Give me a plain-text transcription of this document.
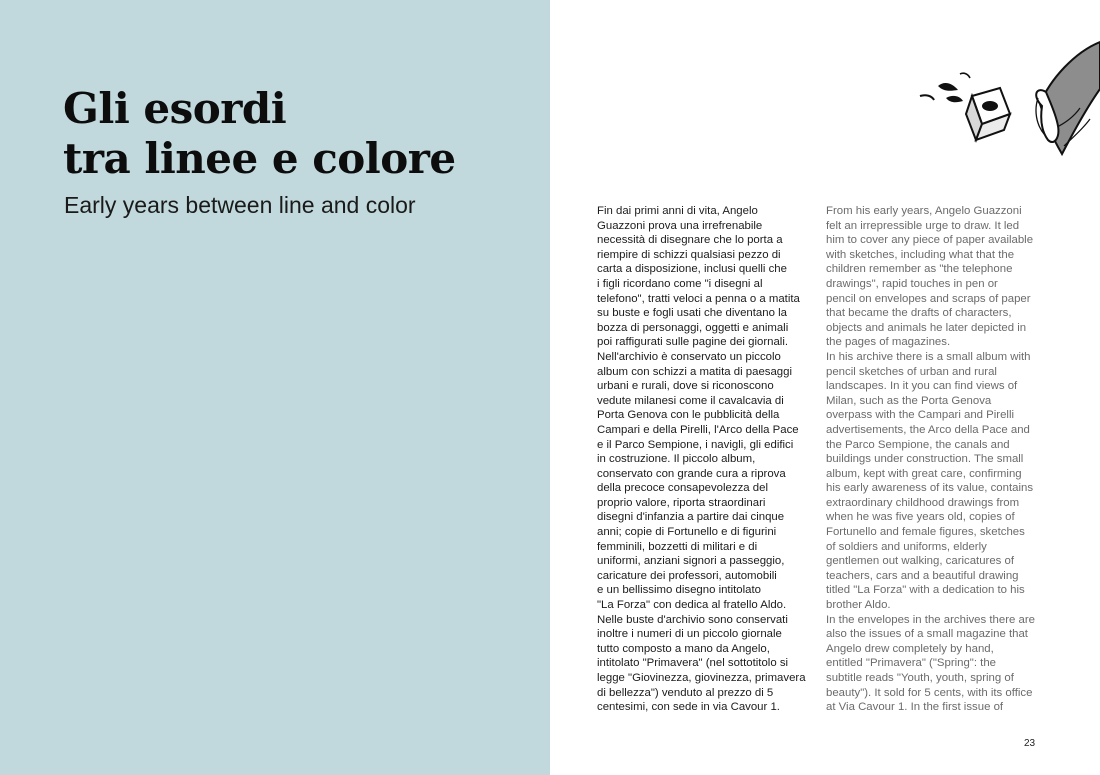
Gli esordi
tra linee e colore
Early years between line and color	Fin dai primi anni di vita, Angelo
Guazzoni prova una irrefrenabile
necessità di disegnare che lo porta a
riempire di schizzi qualsiasi pezzo di
carta a disposizione, inclusi quelli che
i figli ricordano come "i disegni al
telefono", tratti veloci a penna o a matita
su buste e fogli usati che diventano la
bozza di personaggi, oggetti e animali
poi raffigurati sulle pagine dei giornali.
Nell'archivio è conservato un piccolo
album con schizzi a matita di paesaggi
urbani e rurali, dove si riconoscono
vedute milanesi come il cavalcavia di
Porta Genova con le pubblicità della
Campari e della Pirelli, l'Arco della Pace
e il Parco Sempione, i navigli, gli edifici
in costruzione. Il piccolo album,
conservato con grande cura a riprova
della precoce consapevolezza del
proprio valore, riporta straordinari
disegni d'infanzia a partire dai cinque
anni; copie di Fortunello e di figurini
femminili, bozzetti di militari e di
uniformi, anziani signori a passeggio,
caricature dei professori, automobili
e un bellissimo disegno intitolato
"La Forza" con dedica al fratello Aldo.
Nelle buste d'archivio sono conservati
inoltre i numeri di un piccolo giornale
tutto composto a mano da Angelo,
intitolato "Primavera" (nel sottotitolo si
legge "Giovinezza, giovinezza, primavera
di bellezza") venduto al prezzo di 5
centesimi, con sede in via Cavour 1.
From his early years, Angelo Guazzoni
felt an irrepressible urge to draw. It led
him to cover any piece of paper available
with sketches, including what that the
children remember as "the telephone
drawings", rapid touches in pen or
pencil on envelopes and scraps of paper
that became the drafts of characters,
objects and animals he later depicted in
the pages of magazines.
In his archive there is a small album with
pencil sketches of urban and rural
landscapes. In it you can find views of
Milan, such as the Porta Genova
overpass with the Campari and Pirelli
advertisements, the Arco della Pace and
the Parco Sempione, the canals and
buildings under construction. The small
album, kept with great care, confirming
his early awareness of its value, contains
extraordinary childhood drawings from
when he was five years old, copies of
Fortunello and female figures, sketches
of soldiers and uniforms, elderly
gentlemen out walking, caricatures of
teachers, cars and a beautiful drawing
titled "La Forza" with a dedication to his
brother Aldo.
In the envelopes in the archives there are
also the issues of a small magazine that
Angelo drew completely by hand,
entitled "Primavera" ("Spring": the
subtitle reads "Youth, youth, spring of
beauty"). It sold for 5 cents, with its office
at Via Cavour 1. In the first issue of
23
